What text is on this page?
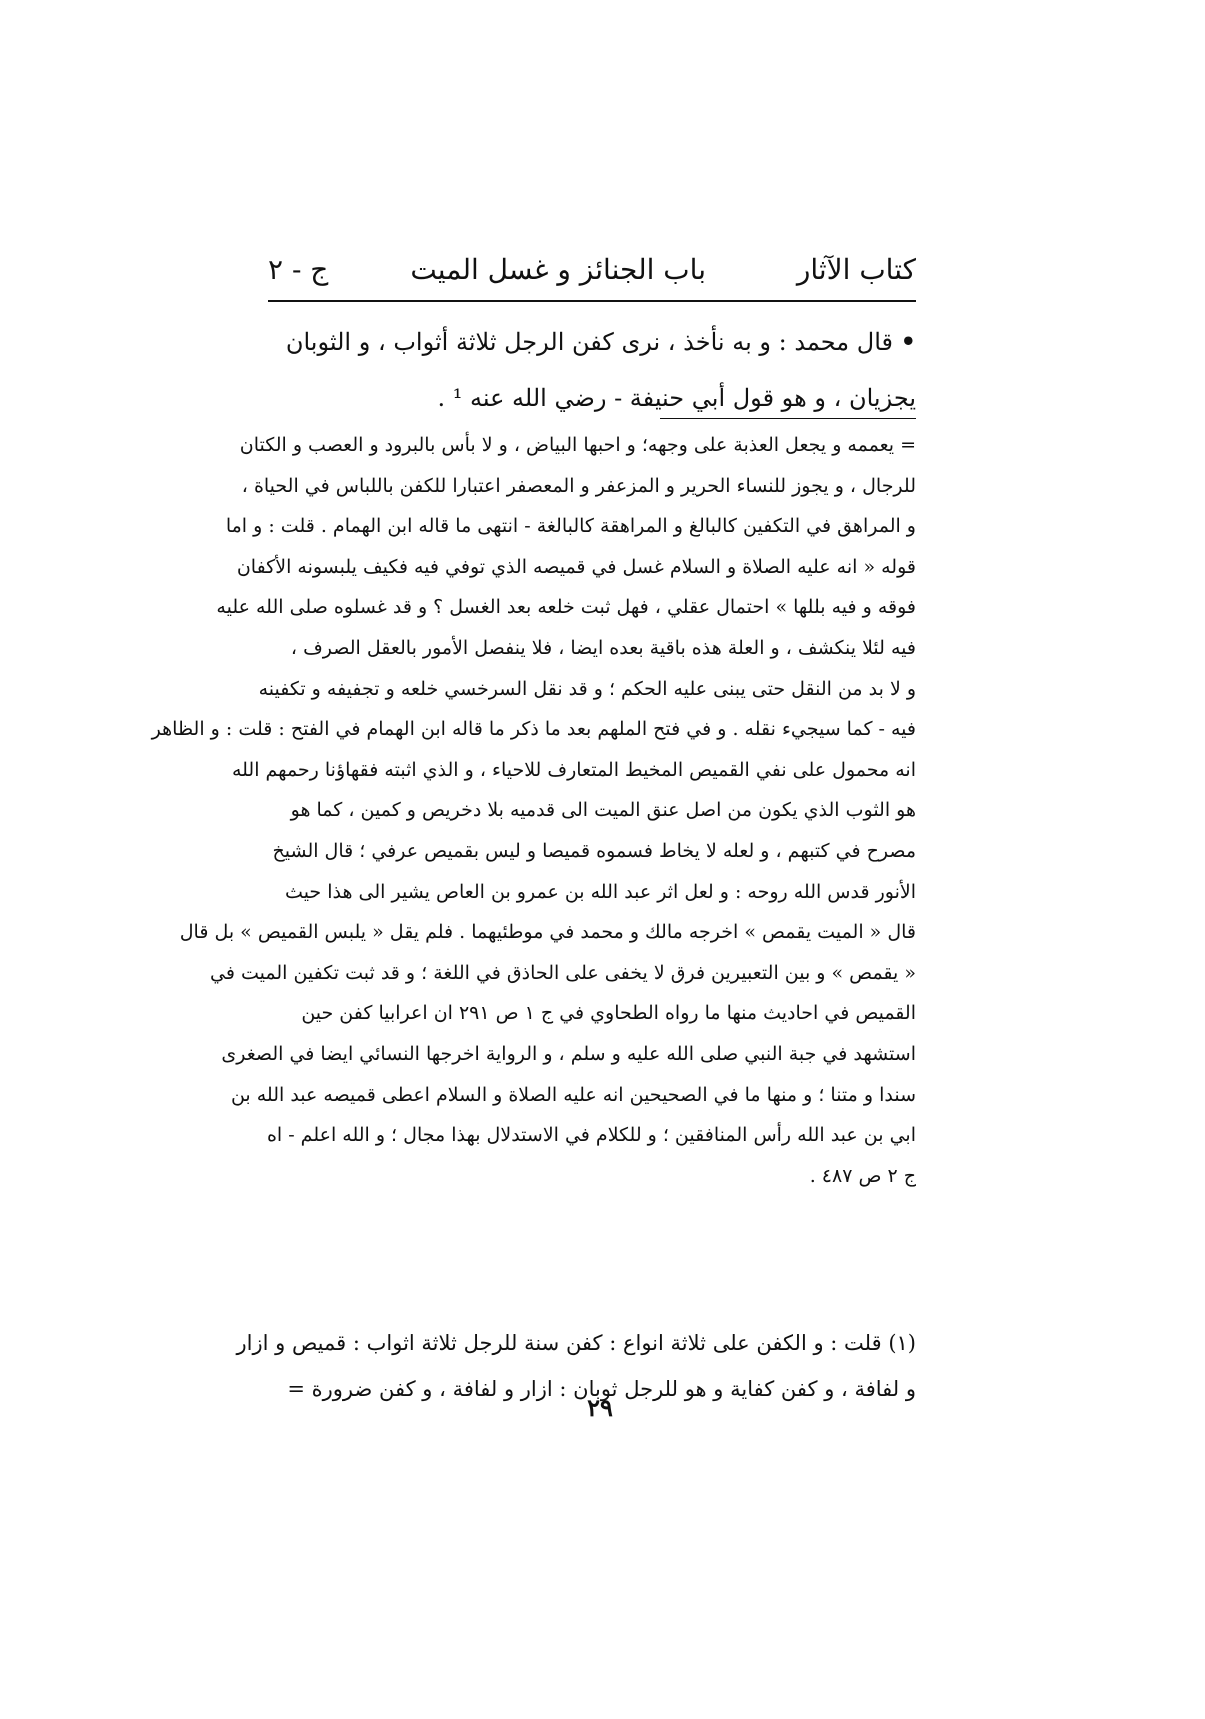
كتاب الآثار
باب الجنائز و غسل الميت
ج - ٢
• قال محمد : و به نأخذ ، نرى كفن الرجل ثلاثة أثواب ، و الثوبان
يجزيان ، و هو قول أبي حنيفة - رضي الله عنه ¹ .
= يعممه و يجعل العذبة على وجهه؛ و احبها البياض ، و لا بأس بالبرود و العصب و الكتان
للرجال ، و يجوز للنساء الحرير و المزعفر و المعصفر اعتبارا للكفن باللباس في الحياة ،
و المراهق في التكفين كالبالغ و المراهقة كالبالغة - انتهى ما قاله ابن الهمام . قلت : و اما
قوله « انه عليه الصلاة و السلام غسل في قميصه الذي توفي فيه فكيف يلبسونه الأكفان
فوقه و فيه بللها » احتمال عقلي ، فهل ثبت خلعه بعد الغسل ؟ و قد غسلوه صلى الله عليه
فيه لئلا ينكشف ، و العلة هذه باقية بعده ايضا ، فلا ينفصل الأمور بالعقل الصرف ،
و لا بد من النقل حتى يبنى عليه الحكم ؛ و قد نقل السرخسي خلعه و تجفيفه و تكفينه
فيه - كما سيجيء نقله . و في فتح الملهم بعد ما ذكر ما قاله ابن الهمام في الفتح : قلت : و الظاهر
انه محمول على نفي القميص المخيط المتعارف للاحياء ، و الذي اثبته فقهاؤنا رحمهم الله
هو الثوب الذي يكون من اصل عنق الميت الى قدميه بلا دخريص و كمين ، كما هو
مصرح في كتبهم ، و لعله لا يخاط فسموه قميصا و ليس بقميص عرفي ؛ قال الشيخ
الأنور قدس الله روحه : و لعل اثر عبد الله بن عمرو بن العاص يشير الى هذا حيث
قال « الميت يقمص » اخرجه مالك و محمد في موطئيهما . فلم يقل « يلبس القميص » بل قال
« يقمص » و بين التعبيرين فرق لا يخفى على الحاذق في اللغة ؛ و قد ثبت تكفين الميت في
القميص في احاديث منها ما رواه الطحاوي في ج ١ ص ٢٩١ ان اعرابيا كفن حين
استشهد في جبة النبي صلى الله عليه و سلم ، و الرواية اخرجها النسائي ايضا في الصغرى
سندا و متنا ؛ و منها ما في الصحيحين انه عليه الصلاة و السلام اعطى قميصه عبد الله بن
ابي بن عبد الله رأس المنافقين ؛ و للكلام في الاستدلال بهذا مجال ؛ و الله اعلم - اه
ج ٢ ص ٤٨٧ .
(١) قلت : و الكفن على ثلاثة انواع : كفن سنة للرجل ثلاثة اثواب : قميص و ازار
و لفافة ، و كفن كفاية و هو للرجل ثوبان : ازار و لفافة ، و كفن ضرورة =
٢٩
